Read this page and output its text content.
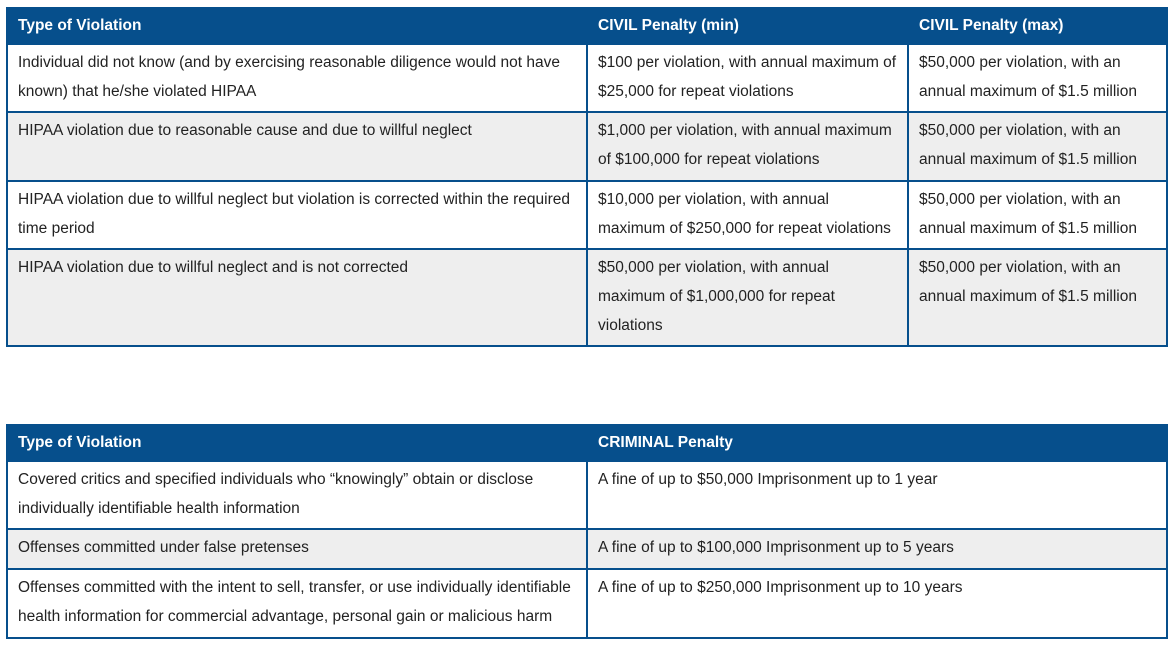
Type of Violation	CIVIL Penalty (min)	CIVIL Penalty (max)
Individual did not know (and by exercising reasonable diligence would not have known) that he/she violated HIPAA	$100 per violation, with annual maximum of $25,000 for repeat violations	$50,000 per violation, with an annual maximum of $1.5 million
HIPAA violation due to reasonable cause and due to willful neglect	$1,000 per violation, with annual maximum of $100,000 for repeat violations	$50,000 per violation, with an annual maximum of $1.5 million
HIPAA violation due to willful neglect but violation is corrected within the required time period	$10,000 per violation, with annual maximum of $250,000 for repeat violations	$50,000 per violation, with an annual maximum of $1.5 million
HIPAA violation due to willful neglect and is not corrected	$50,000 per violation, with annual maximum of $1,000,000 for repeat violations	$50,000 per violation, with an annual maximum of $1.5 million
Type of Violation	CRIMINAL Penalty
Covered critics and specified individuals who “knowingly” obtain or disclose individually identifiable health information	A fine of up to $50,000 Imprisonment up to 1 year
Offenses committed under false pretenses	A fine of up to $100,000 Imprisonment up to 5 years
Offenses committed with the intent to sell, transfer, or use individually identifiable health information for commercial advantage, personal gain or malicious harm	A fine of up to $250,000 Imprisonment up to 10 years
